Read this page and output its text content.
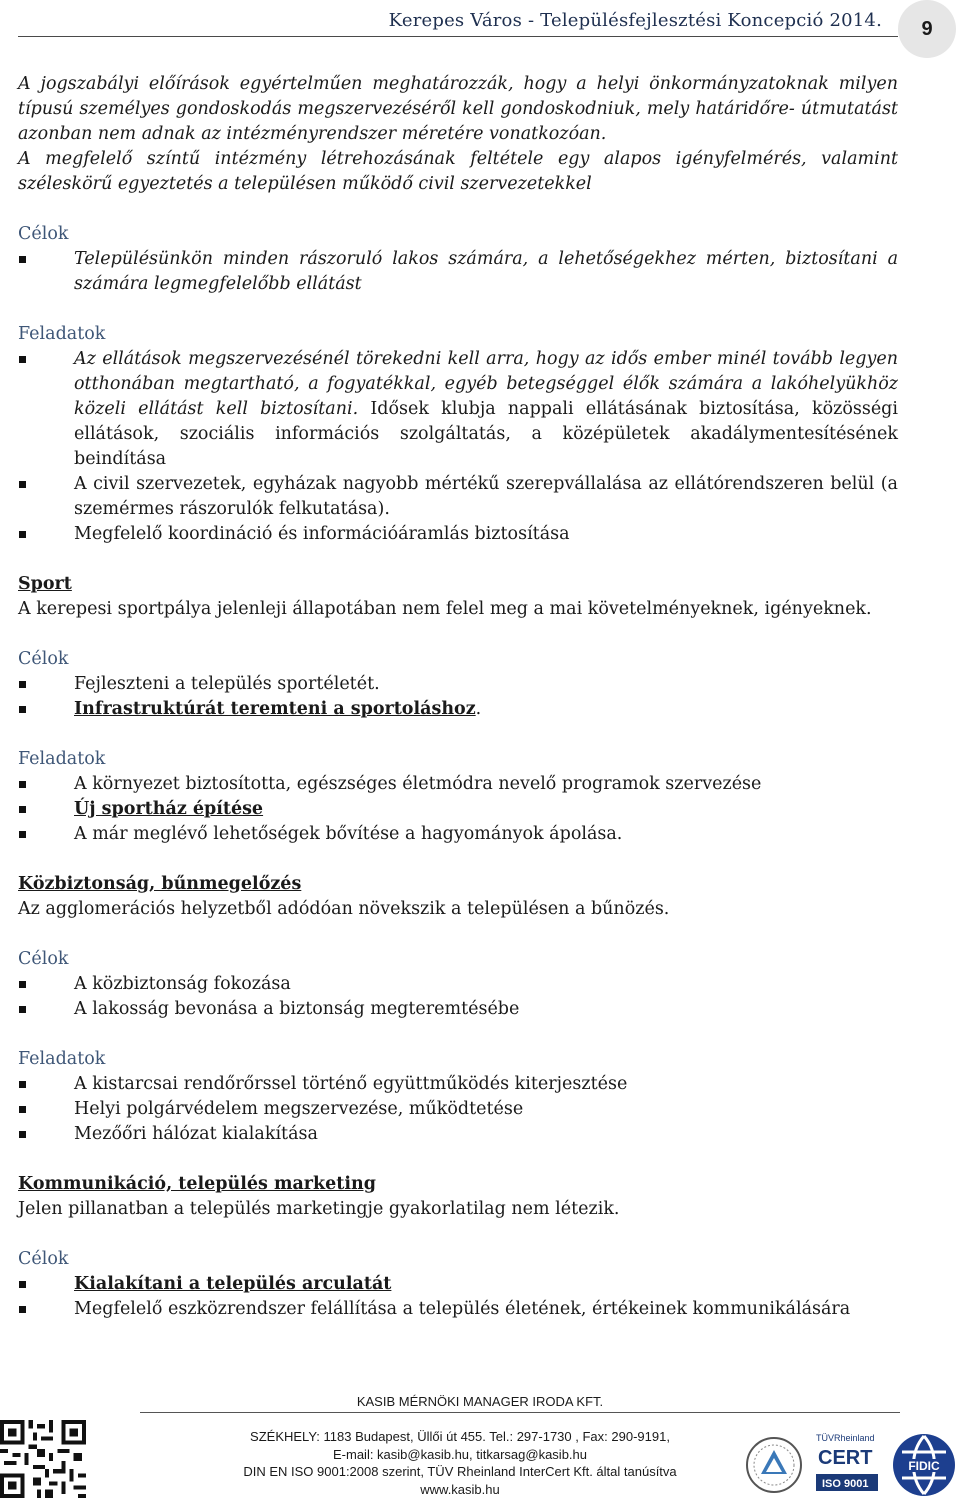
Kerepes Város - Településfejlesztési Koncepció 2014.	9

A jogszabályi előírások egyértelműen meghatározzák, hogy a helyi önkormányzatoknak milyen típusú személyes gondoskodás megszervezéséről kell gondoskodniuk, mely határidőre- útmutatást azonban nem adnak az intézményrendszer méretére vonatkozóan.

A megfelelő színtű intézmény létrehozásának feltétele egy alapos igényfelmérés, valamint széleskörű egyeztetés a településen működő civil szervezetekkel

Célok

Településünkön minden rászoruló lakos számára, a lehetőségekhez mérten, biztosítani a számára legmegfelelőbb ellátást

Feladatok

Az ellátások megszervezésénél törekedni kell arra, hogy az idős ember minél tovább legyen otthonában megtartható, a fogyatékkal, egyéb betegséggel élők számára a lakóhelyükhöz közeli ellátást kell biztosítani. Idősek klubja nappali ellátásának biztosítása, közösségi ellátások, szociális információs szolgáltatás, a középületek akadálymentesítésének beindítása
A civil szervezetek, egyházak nagyobb mértékű szerepvállalása az ellátórendszeren belül (a szemérmes rászorulók felkutatása).
Megfelelő koordináció és információáramlás biztosítása

Sport

A kerepesi sportpálya jelenleji állapotában nem felel meg a mai követelményeknek, igényeknek.

Célok

Fejleszteni a település sportéletét.
Infrastruktúrát teremteni a sportoláshoz.

Feladatok

A környezet biztosította, egészséges életmódra nevelő programok szervezése
Új sportház építése
A már meglévő lehetőségek bővítése a hagyományok ápolása.

Közbiztonság, bűnmegelőzés

Az agglomerációs helyzetből adódóan növekszik a településen a bűnözés.

Célok

A közbiztonság fokozása
A lakosság bevonása a biztonság megteremtésébe

Feladatok

A kistarcsai rendőrőrssel történő együttműködés kiterjesztése
Helyi polgárvédelem megszervezése, működtetése
Mezőőri hálózat kialakítása

Kommunikáció, település marketing

Jelen pillanatban a település marketingje gyakorlatilag nem létezik.

Célok

Kialakítani a település arculatát
Megfelelő eszközrendszer felállítása a település életének, értékeinek kommunikálására
KASIB MÉRNÖKI MANAGER IRODA KFT.
SZÉKHELY: 1183 Budapest, Üllői út 455. Tel.: 297-1730 , Fax: 290-9191,
E-mail: kasib@kasib.hu, titkarsag@kasib.hu
DIN EN ISO 9001:2008 szerint, TÜV Rheinland InterCert Kft. által tanúsítva
www.kasib.hu
TÜVRheinland
CERT
ISO 9001
FIDIC
